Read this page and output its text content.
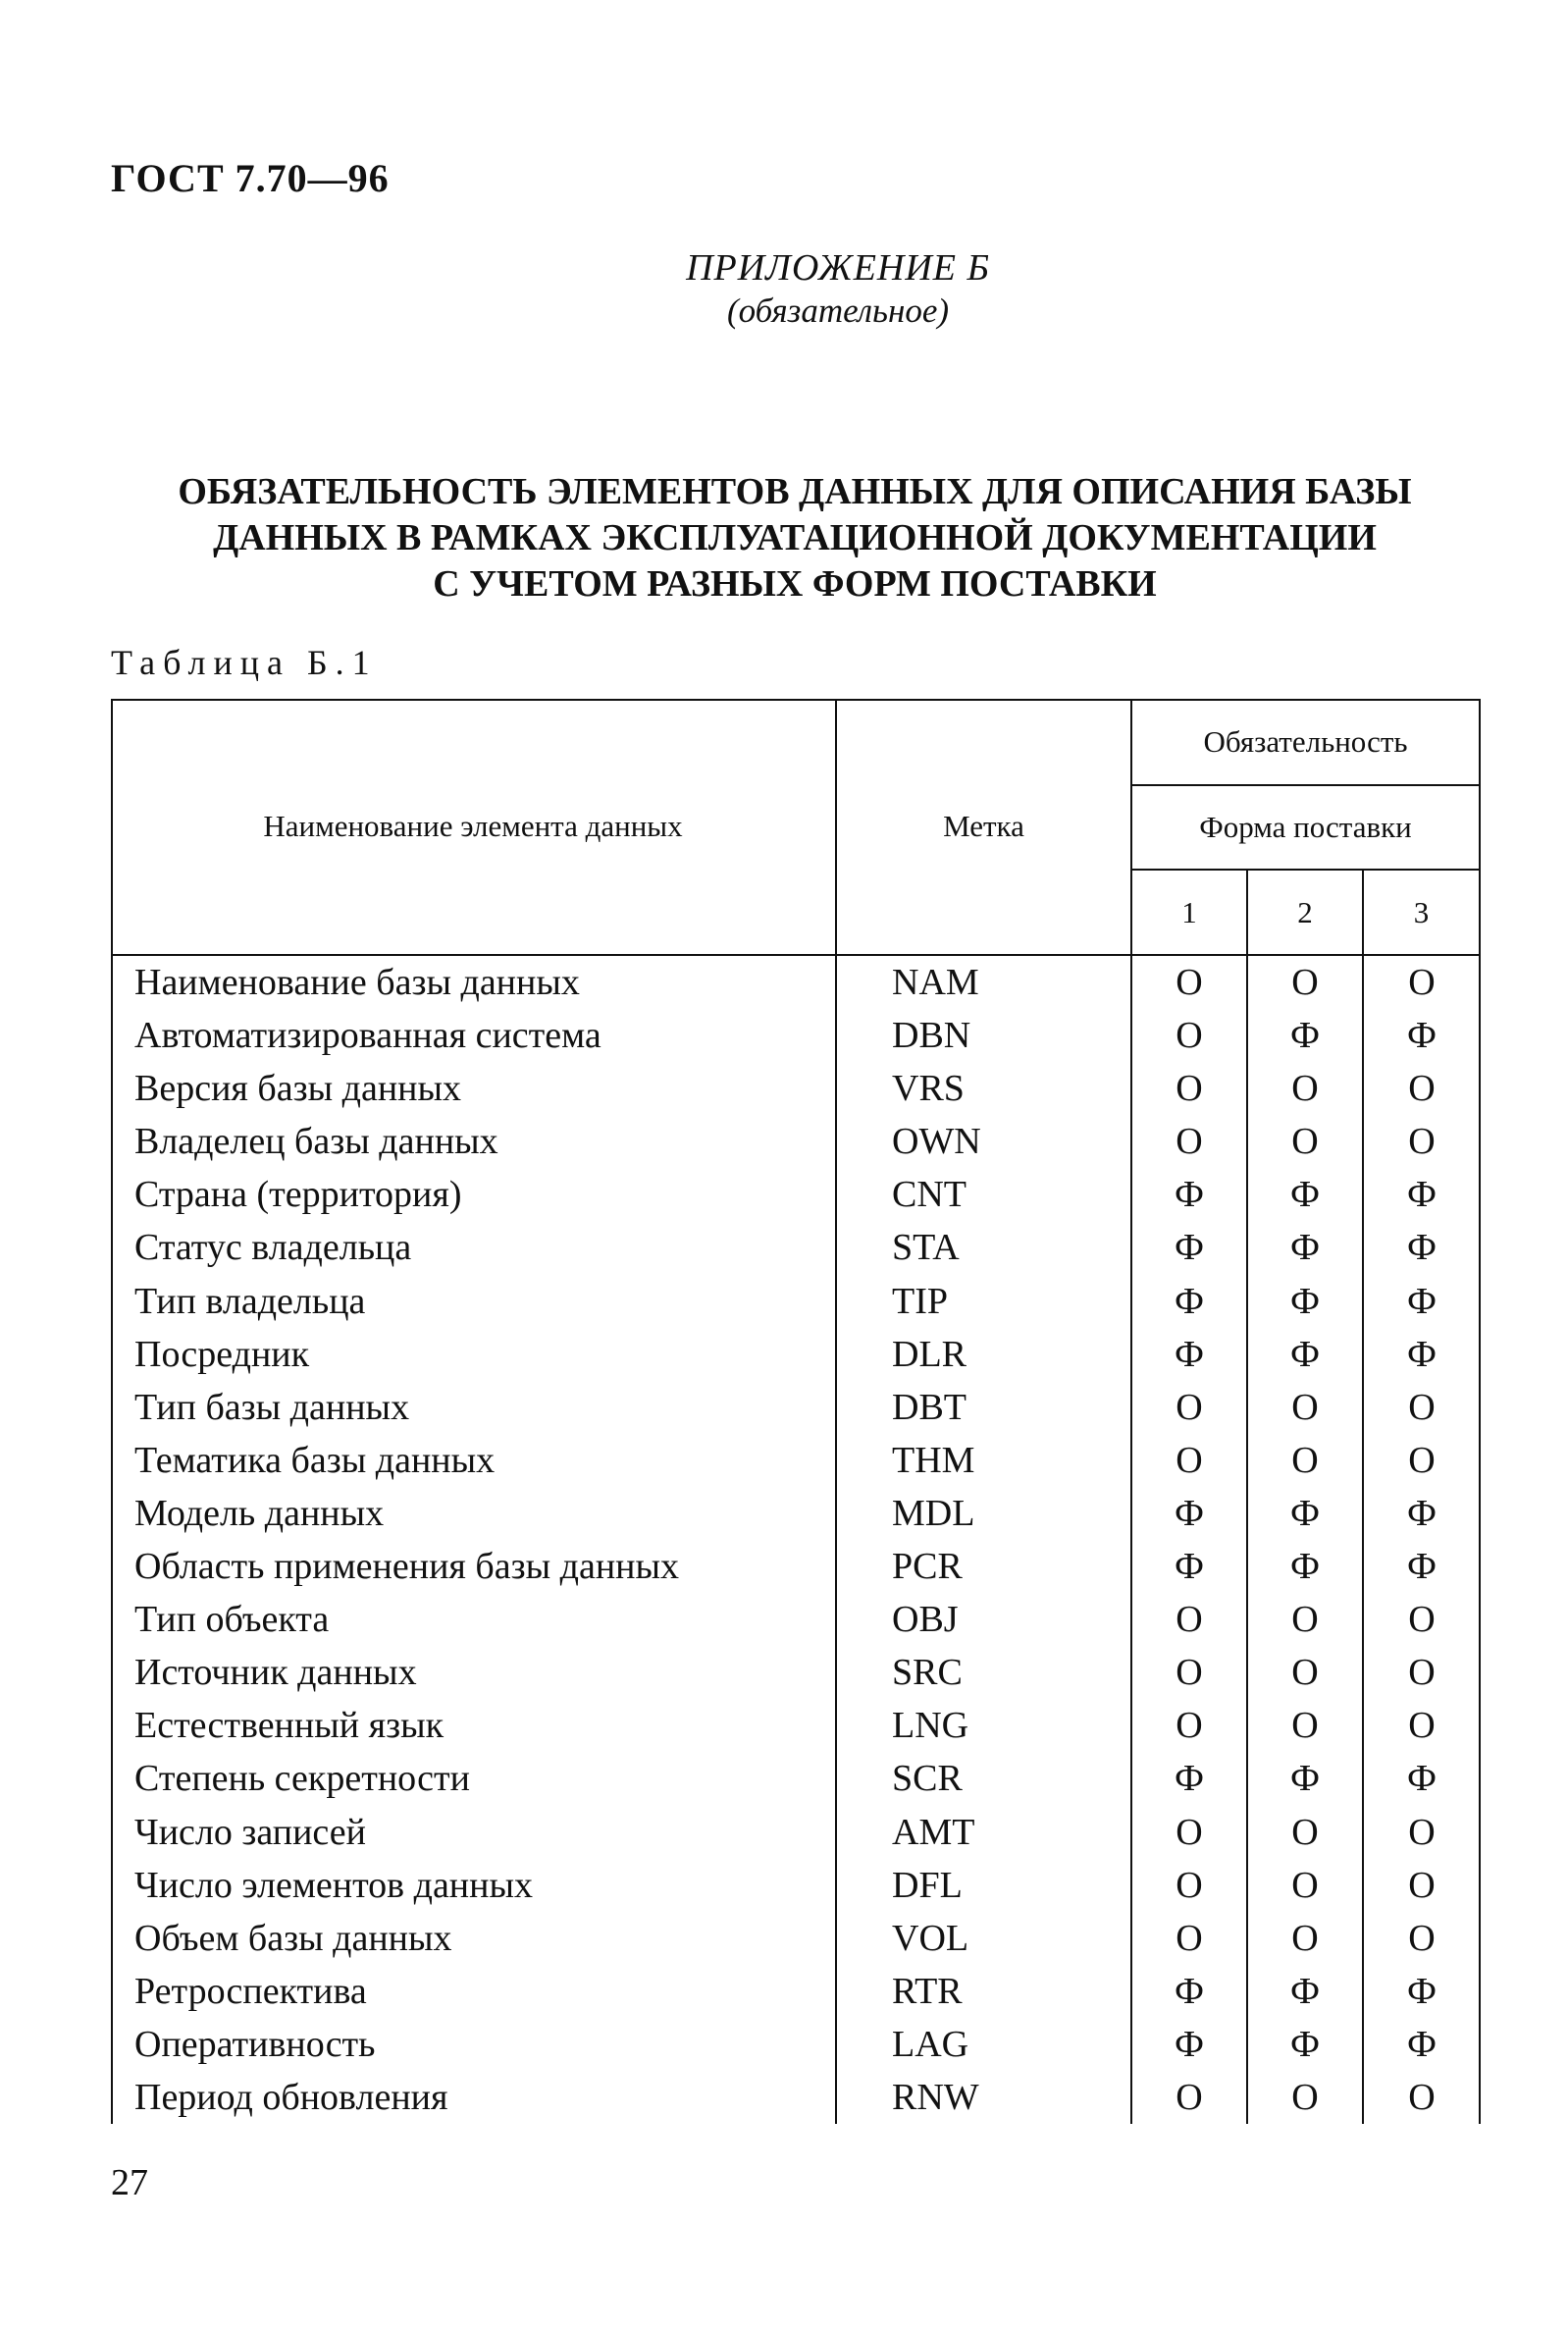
ГОСТ 7.70—96
ПРИЛОЖЕНИЕ Б
(обязательное)
ОБЯЗАТЕЛЬНОСТЬ ЭЛЕМЕНТОВ ДАННЫХ ДЛЯ ОПИСАНИЯ БАЗЫ
ДАННЫХ В РАМКАХ ЭКСПЛУАТАЦИОННОЙ ДОКУМЕНТАЦИИ
С УЧЕТОМ РАЗНЫХ ФОРМ ПОСТАВКИ
Таблица Б.1
Наименование элемента данных	Метка
Обязательность
Форма поставки
1	2	3
Наименование базы данных	NAM	О	О	О
Автоматизированная система	DBN	О	Ф	Ф
Версия базы данных	VRS	О	О	О
Владелец базы данных	OWN	О	О	О
Страна (территория)	CNT	Ф	Ф	Ф
Статус владельца	STA	Ф	Ф	Ф
Тип владельца	TIP	Ф	Ф	Ф
Посредник	DLR	Ф	Ф	Ф
Тип базы данных	DBT	О	О	О
Тематика базы данных	THM	О	О	О
Модель данных	MDL	Ф	Ф	Ф
Область применения базы данных	PCR	Ф	Ф	Ф
Тип объекта	OBJ	О	О	О
Источник данных	SRC	О	О	О
Естественный язык	LNG	О	О	О
Степень секретности	SCR	Ф	Ф	Ф
Число записей	AMT	О	О	О
Число элементов данных	DFL	О	О	О
Объем базы данных	VOL	О	О	О
Ретроспектива	RTR	Ф	Ф	Ф
Оперативность	LAG	Ф	Ф	Ф
Период обновления	RNW	О	О	О
27
